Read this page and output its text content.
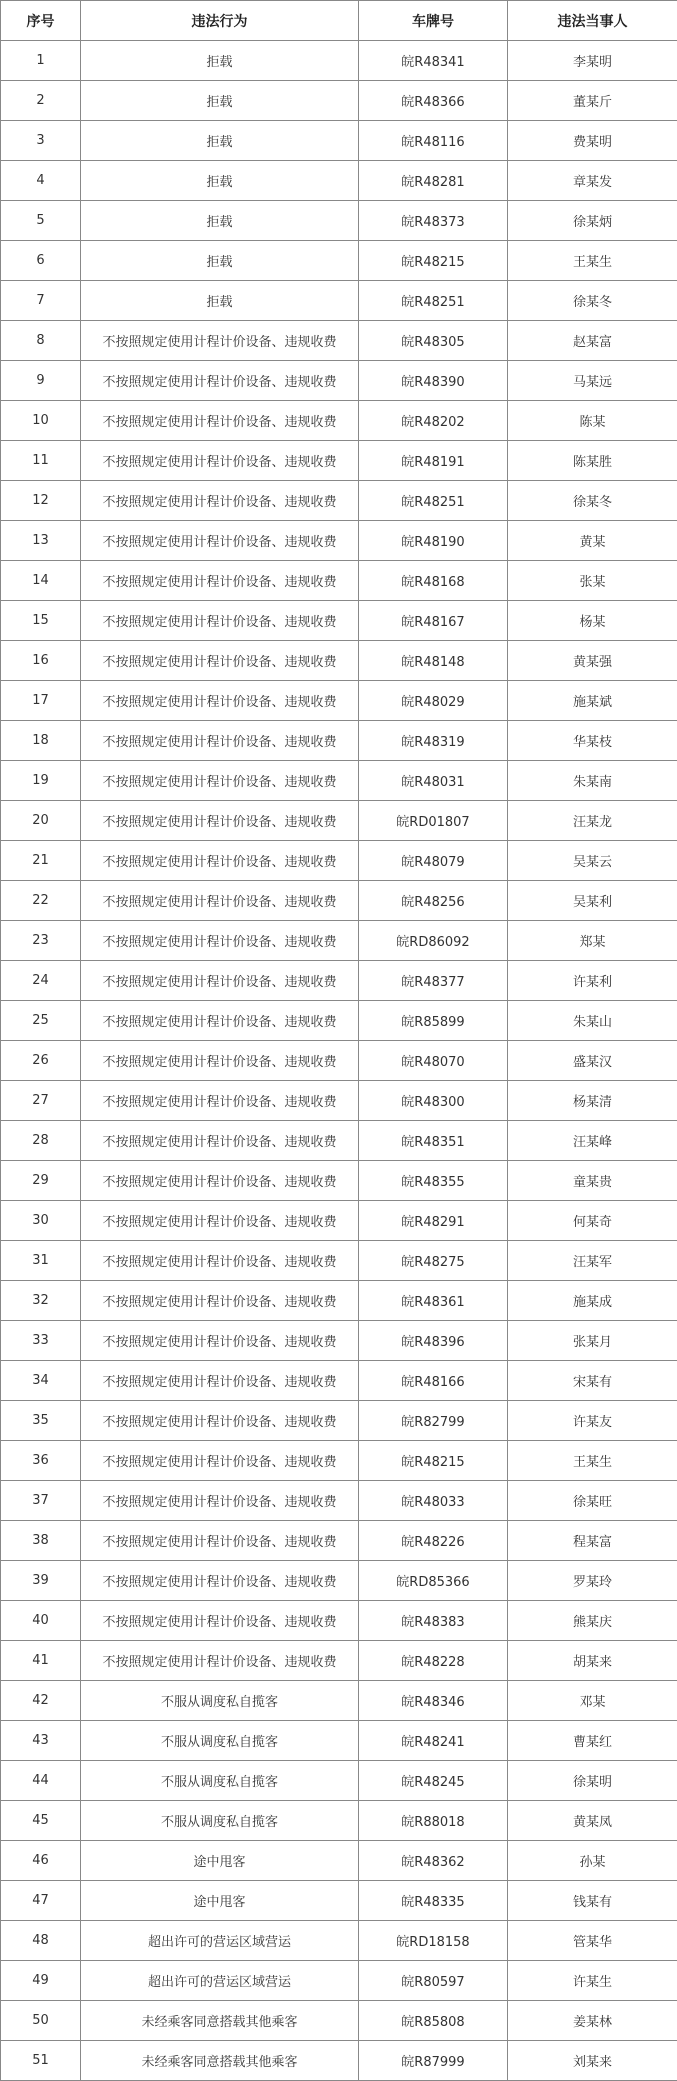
序号	违法行为	车牌号	违法当事人
1	拒载	皖R48341	李某明
2	拒载	皖R48366	董某斤
3	拒载	皖R48116	费某明
4	拒载	皖R48281	章某发
5	拒载	皖R48373	徐某炳
6	拒载	皖R48215	王某生
7	拒载	皖R48251	徐某冬
8	不按照规定使用计程计价设备、违规收费	皖R48305	赵某富
9	不按照规定使用计程计价设备、违规收费	皖R48390	马某远
10	不按照规定使用计程计价设备、违规收费	皖R48202	陈某
11	不按照规定使用计程计价设备、违规收费	皖R48191	陈某胜
12	不按照规定使用计程计价设备、违规收费	皖R48251	徐某冬
13	不按照规定使用计程计价设备、违规收费	皖R48190	黄某
14	不按照规定使用计程计价设备、违规收费	皖R48168	张某
15	不按照规定使用计程计价设备、违规收费	皖R48167	杨某
16	不按照规定使用计程计价设备、违规收费	皖R48148	黄某强
17	不按照规定使用计程计价设备、违规收费	皖R48029	施某斌
18	不按照规定使用计程计价设备、违规收费	皖R48319	华某枝
19	不按照规定使用计程计价设备、违规收费	皖R48031	朱某南
20	不按照规定使用计程计价设备、违规收费	皖RD01807	汪某龙
21	不按照规定使用计程计价设备、违规收费	皖R48079	吴某云
22	不按照规定使用计程计价设备、违规收费	皖R48256	吴某利
23	不按照规定使用计程计价设备、违规收费	皖RD86092	郑某
24	不按照规定使用计程计价设备、违规收费	皖R48377	许某利
25	不按照规定使用计程计价设备、违规收费	皖R85899	朱某山
26	不按照规定使用计程计价设备、违规收费	皖R48070	盛某汉
27	不按照规定使用计程计价设备、违规收费	皖R48300	杨某清
28	不按照规定使用计程计价设备、违规收费	皖R48351	汪某峰
29	不按照规定使用计程计价设备、违规收费	皖R48355	童某贵
30	不按照规定使用计程计价设备、违规收费	皖R48291	何某奇
31	不按照规定使用计程计价设备、违规收费	皖R48275	汪某军
32	不按照规定使用计程计价设备、违规收费	皖R48361	施某成
33	不按照规定使用计程计价设备、违规收费	皖R48396	张某月
34	不按照规定使用计程计价设备、违规收费	皖R48166	宋某有
35	不按照规定使用计程计价设备、违规收费	皖R82799	许某友
36	不按照规定使用计程计价设备、违规收费	皖R48215	王某生
37	不按照规定使用计程计价设备、违规收费	皖R48033	徐某旺
38	不按照规定使用计程计价设备、违规收费	皖R48226	程某富
39	不按照规定使用计程计价设备、违规收费	皖RD85366	罗某玲
40	不按照规定使用计程计价设备、违规收费	皖R48383	熊某庆
41	不按照规定使用计程计价设备、违规收费	皖R48228	胡某来
42	不服从调度私自揽客	皖R48346	邓某
43	不服从调度私自揽客	皖R48241	曹某红
44	不服从调度私自揽客	皖R48245	徐某明
45	不服从调度私自揽客	皖R88018	黄某凤
46	途中甩客	皖R48362	孙某
47	途中甩客	皖R48335	钱某有
48	超出许可的营运区域营运	皖RD18158	管某华
49	超出许可的营运区域营运	皖R80597	许某生
50	未经乘客同意搭载其他乘客	皖R85808	姜某林
51	未经乘客同意搭载其他乘客	皖R87999	刘某来
